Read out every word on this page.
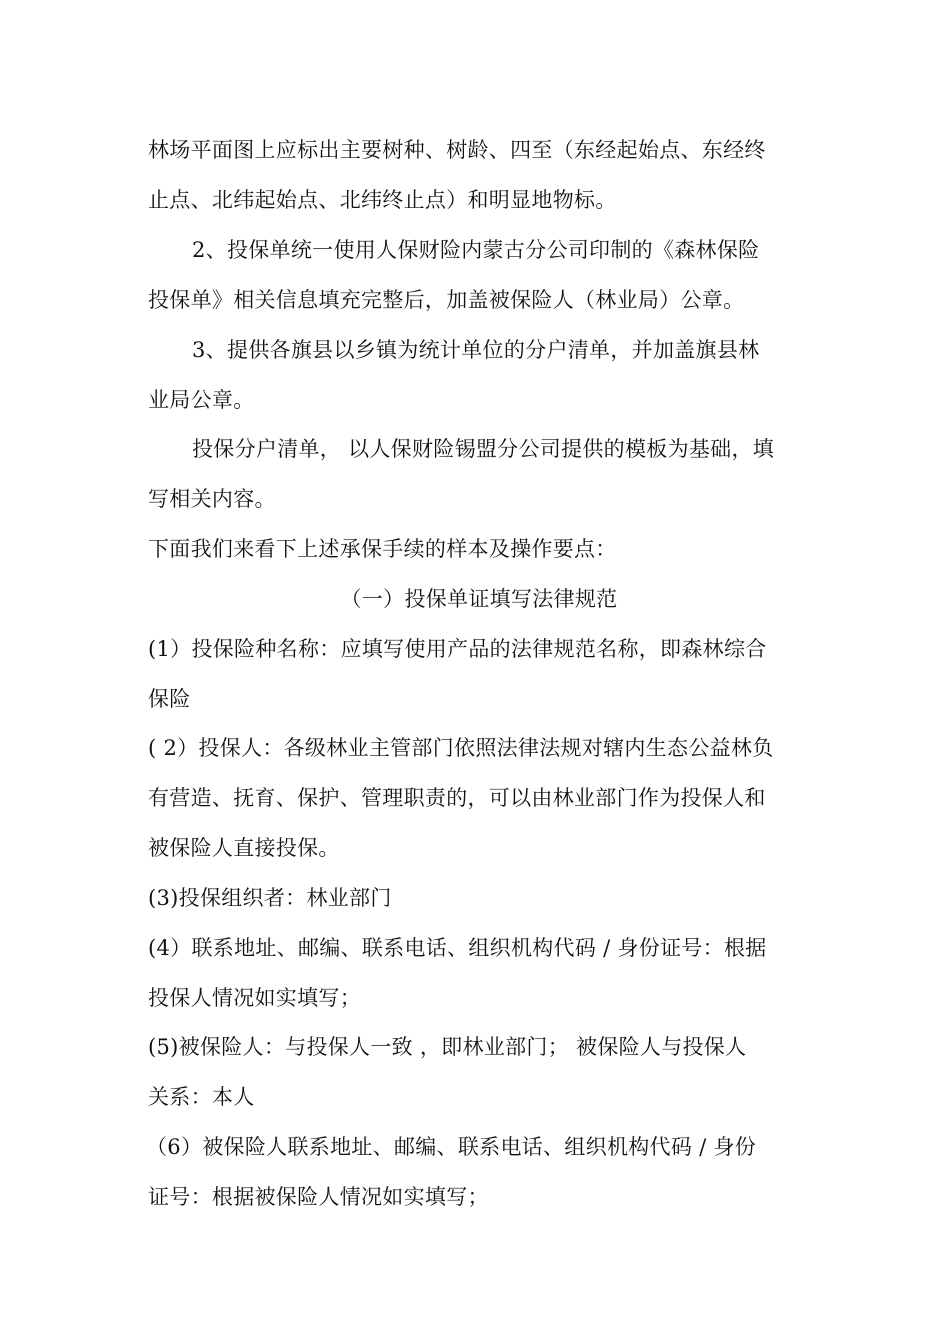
林场平面图上应标出主要树种、树龄、四至（东经起始点、东经终
止点、北纬起始点、北纬终止点）和明显地物标。
2、投保单统一使用人保财险内蒙古分公司印制的《森林保险
投保单》相关信息填充完整后，加盖被保险人（林业局）公章。
3、提供各旗县以乡镇为统计单位的分户清单，并加盖旗县林
业局公章。
投保分户清单， 以人保财险锡盟分公司提供的模板为基础，填
写相关内容。
下面我们来看下上述承保手续的样本及操作要点：
（一）投保单证填写法律规范
(1）投保险种名称：应填写使用产品的法律规范名称，即森林综合
保险
( 2）投保人：各级林业主管部门依照法律法规对辖内生态公益林负
有营造、抚育、保护、管理职责的，可以由林业部门作为投保人和
被保险人直接投保。
(3)投保组织者：林业部门
(4）联系地址、邮编、联系电话、组织机构代码 / 身份证号：根据
投保人情况如实填写；
(5)被保险人：与投保人一致 ，即林业部门； 被保险人与投保人
关系：本人
（6）被保险人联系地址、邮编、联系电话、组织机构代码 / 身份
证号：根据被保险人情况如实填写；
